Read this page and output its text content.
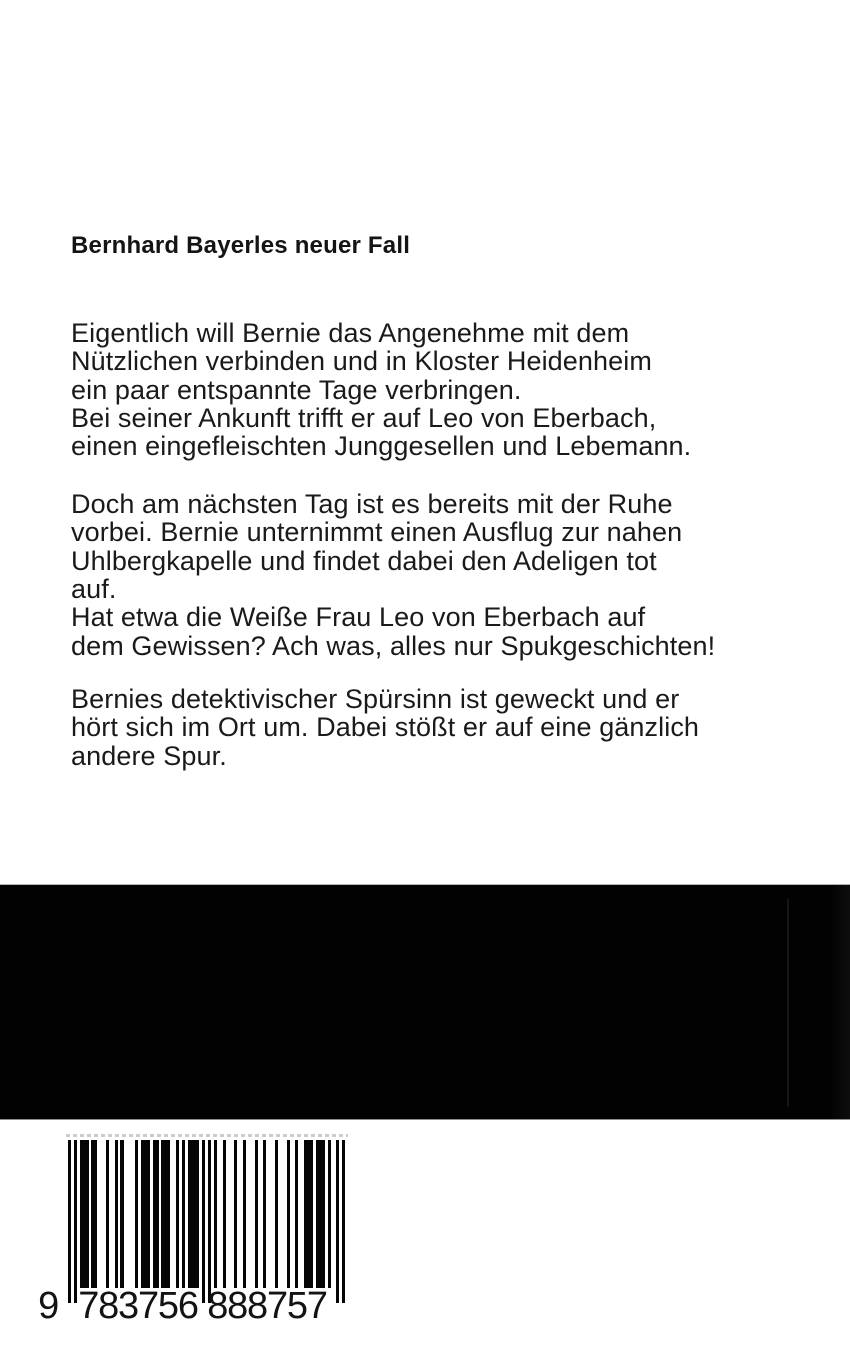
Bernhard Bayerles neuer Fall
Eigentlich will Bernie das Angenehme mit dem
Nützlichen verbinden und in Kloster Heidenheim
ein paar entspannte Tage verbringen.
Bei seiner Ankunft trifft er auf Leo von Eberbach,
einen eingefleischten Junggesellen und Lebemann.
Doch am nächsten Tag ist es bereits mit der Ruhe
vorbei. Bernie unternimmt einen Ausflug zur nahen
Uhlbergkapelle und findet dabei den Adeligen tot
auf.
Hat etwa die Weiße Frau Leo von Eberbach auf
dem Gewissen? Ach was, alles nur Spukgeschichten!
Bernies detektivischer Spürsinn ist geweckt und er
hört sich im Ort um. Dabei stößt er auf eine gänzlich
andere Spur.
9 783756 888757
